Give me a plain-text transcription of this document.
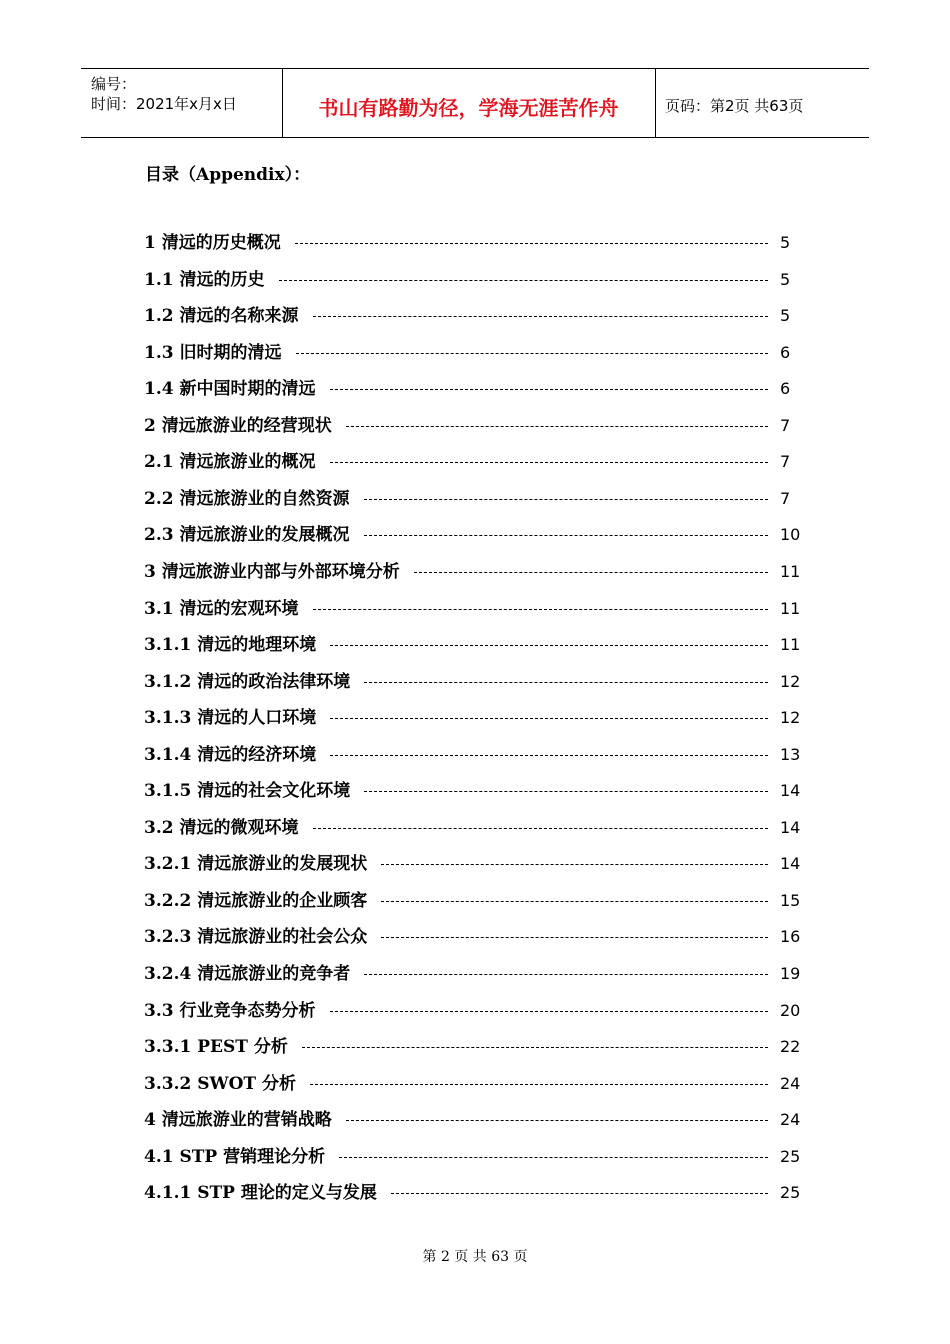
编号：
时间：2021年x月x日	书山有路勤为径，学海无涯苦作舟	页码：第2页 共63页
目录（Appendix）：
1 清远的历史概况	5
1.1 清远的历史	5
1.2 清远的名称来源	5
1.3 旧时期的清远	6
1.4 新中国时期的清远	6
2 清远旅游业的经营现状	7
2.1 清远旅游业的概况	7
2.2 清远旅游业的自然资源	7
2.3 清远旅游业的发展概况	10
3 清远旅游业内部与外部环境分析	11
3.1 清远的宏观环境	11
3.1.1 清远的地理环境	11
3.1.2 清远的政治法律环境	12
3.1.3 清远的人口环境	12
3.1.4 清远的经济环境	13
3.1.5 清远的社会文化环境	14
3.2 清远的微观环境	14
3.2.1 清远旅游业的发展现状	14
3.2.2 清远旅游业的企业顾客	15
3.2.3 清远旅游业的社会公众	16
3.2.4 清远旅游业的竞争者	19
3.3 行业竞争态势分析	20
3.3.1 PEST 分析	22
3.3.2 SWOT 分析	24
4 清远旅游业的营销战略	24
4.1 STP 营销理论分析	25
4.1.1 STP 理论的定义与发展	25
第 2 页 共 63 页
